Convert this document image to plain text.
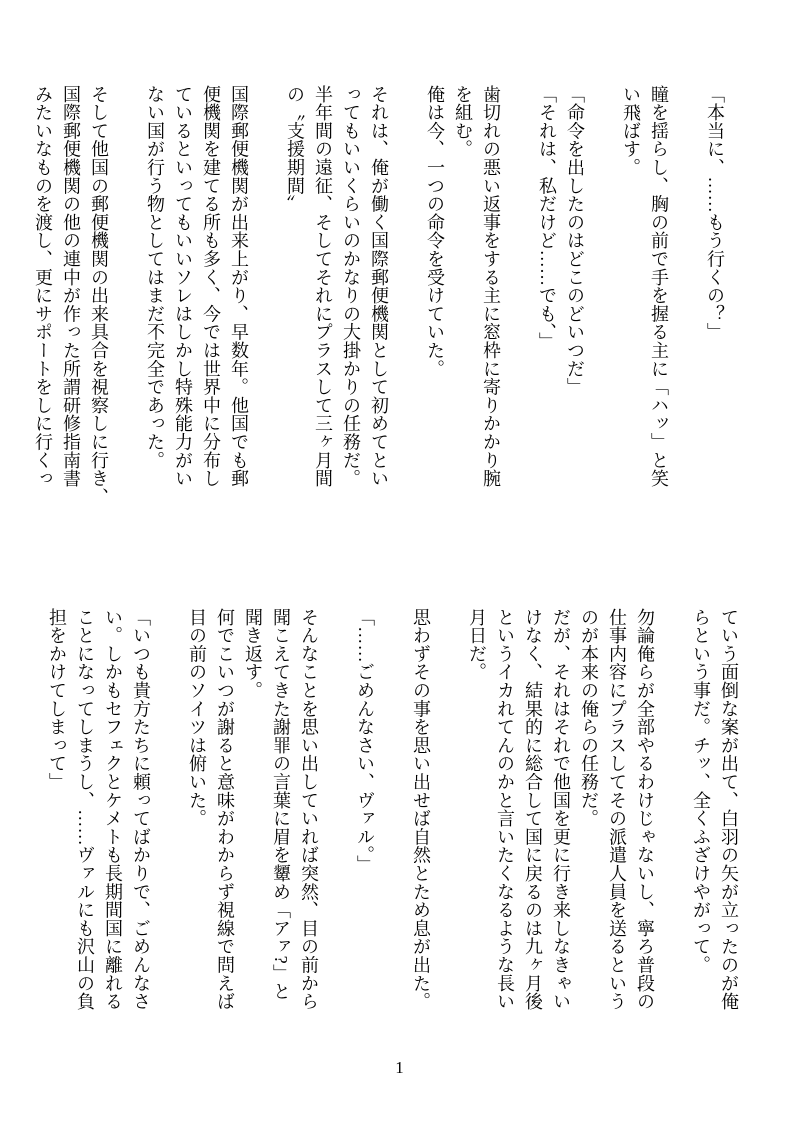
「本当に、……もう行くの？」
瞳を揺らし、胸の前で手を握る主に「ハッ」と笑
い飛ばす。
「命令を出したのはどこのどいつだ」
「それは、私だけど……でも、」
歯切れの悪い返事をする主に窓枠に寄りかかり腕
を組む。
俺は今、一つの命令を受けていた。
それは、俺が働く国際郵便機関として初めてとい
ってもいいくらいのかなりの大掛かりの任務だ。
半年間の遠征、そしてそれにプラスして三ヶ月間
の〝支援期間〟
国際郵便機関が出来上がり、早数年。他国でも郵
便機関を建てる所も多く、今では世界中に分布し
ているといってもいいソレはしかし特殊能力がい
ない国が行う物としてはまだ不完全であった。
そして他国の郵便機関の出来具合を視察しに行き、
国際郵便機関の他の連中が作った所謂研修指南書
みたいなものを渡し、更にサポートをしに行くっ
ていう面倒な案が出て、白羽の矢が立ったのが俺
らという事だ。チッ、全くふざけやがって。
勿論俺らが全部やるわけじゃないし、寧ろ普段の
仕事内容にプラスしてその派遣人員を送るという
のが本来の俺らの任務だ。
だが、それはそれで他国を更に行き来しなきゃい
けなく、結果的に総合して国に戻るのは九ヶ月後
というイカれてんのかと言いたくなるような長い
月日だ。
思わずその事を思い出せば自然とため息が出た。
「……ごめんなさい、ヴァル。」
そんなことを思い出していれば突然、目の前から
聞こえてきた謝罪の言葉に眉を顰め「アァ?」と
聞き返す。
何でこいつが謝ると意味がわからず視線で問えば
目の前のソイツは俯いた。
「いつも貴方たちに頼ってばかりで、ごめんなさ
い。しかもセフェクとケメトも長期間国に離れる
ことになってしまうし、……ヴァルにも沢山の負
担をかけてしまって」
1
